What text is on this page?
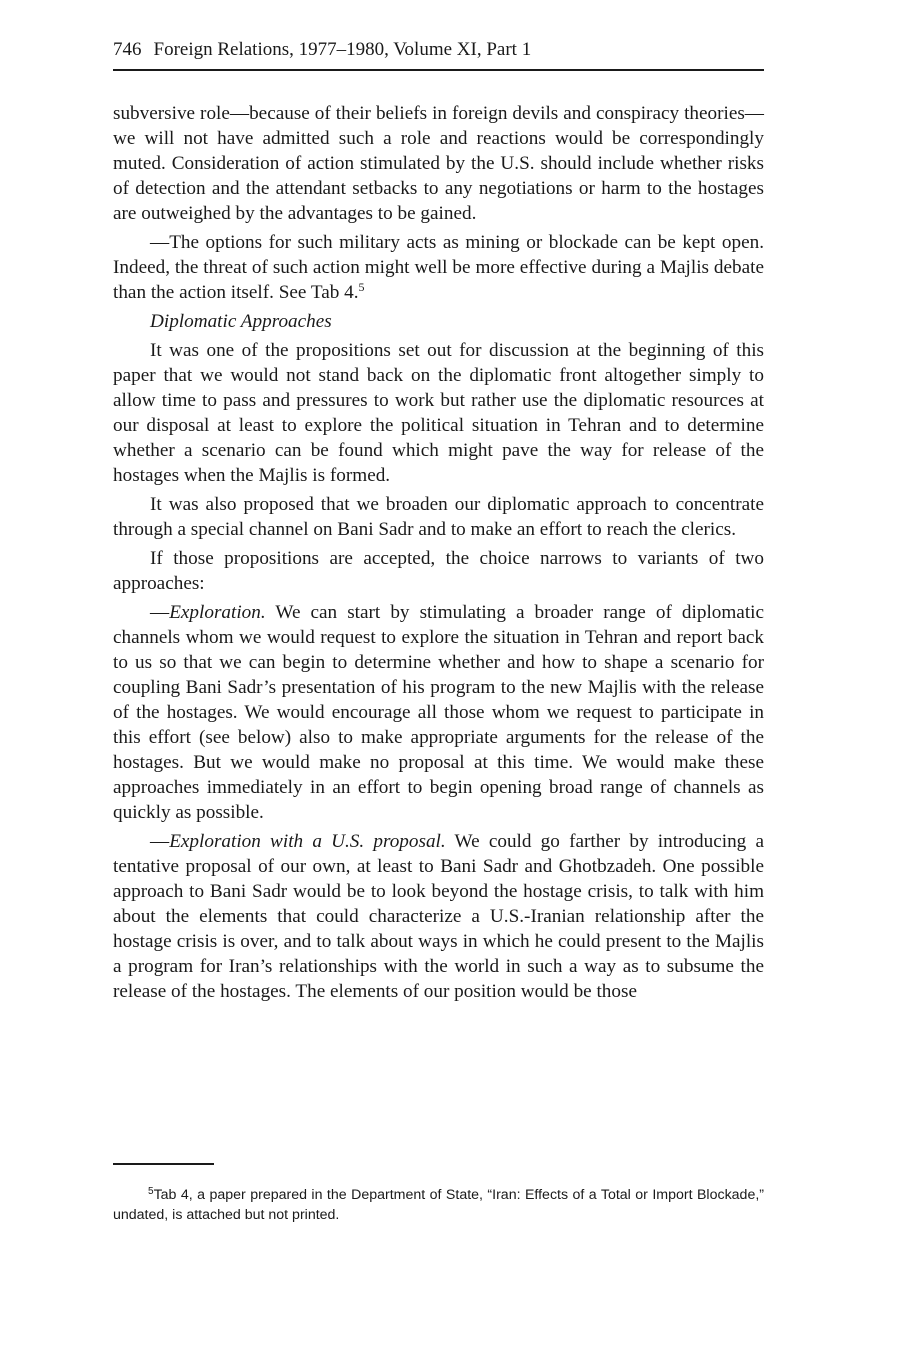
746 Foreign Relations, 1977–1980, Volume XI, Part 1

subversive role—because of their beliefs in foreign devils and conspiracy theories—we will not have admitted such a role and reactions would be correspondingly muted. Consideration of action stimulated by the U.S. should include whether risks of detection and the attendant setbacks to any negotiations or harm to the hostages are outweighed by the advantages to be gained.

—The options for such military acts as mining or blockade can be kept open. Indeed, the threat of such action might well be more effective during a Majlis debate than the action itself. See Tab 4.$^5$

Diplomatic Approaches

It was one of the propositions set out for discussion at the beginning of this paper that we would not stand back on the diplomatic front altogether simply to allow time to pass and pressures to work but rather use the diplomatic resources at our disposal at least to explore the political situation in Tehran and to determine whether a scenario can be found which might pave the way for release of the hostages when the Majlis is formed.

It was also proposed that we broaden our diplomatic approach to concentrate through a special channel on Bani Sadr and to make an effort to reach the clerics.

If those propositions are accepted, the choice narrows to variants of two approaches:

—Exploration. We can start by stimulating a broader range of diplomatic channels whom we would request to explore the situation in Tehran and report back to us so that we can begin to determine whether and how to shape a scenario for coupling Bani Sadr’s presentation of his program to the new Majlis with the release of the hostages. We would encourage all those whom we request to participate in this effort (see below) also to make appropriate arguments for the release of the hostages. But we would make no proposal at this time. We would make these approaches immediately in an effort to begin opening broad range of channels as quickly as possible.

—Exploration with a U.S. proposal. We could go farther by introducing a tentative proposal of our own, at least to Bani Sadr and Ghotbzadeh. One possible approach to Bani Sadr would be to look beyond the hostage crisis, to talk with him about the elements that could characterize a U.S.-Iranian relationship after the hostage crisis is over, and to talk about ways in which he could present to the Majlis a program for Iran’s relationships with the world in such a way as to subsume the release of the hostages. The elements of our position would be those

$^5$Tab 4, a paper prepared in the Department of State, “Iran: Effects of a Total or Import Blockade,” undated, is attached but not printed.
